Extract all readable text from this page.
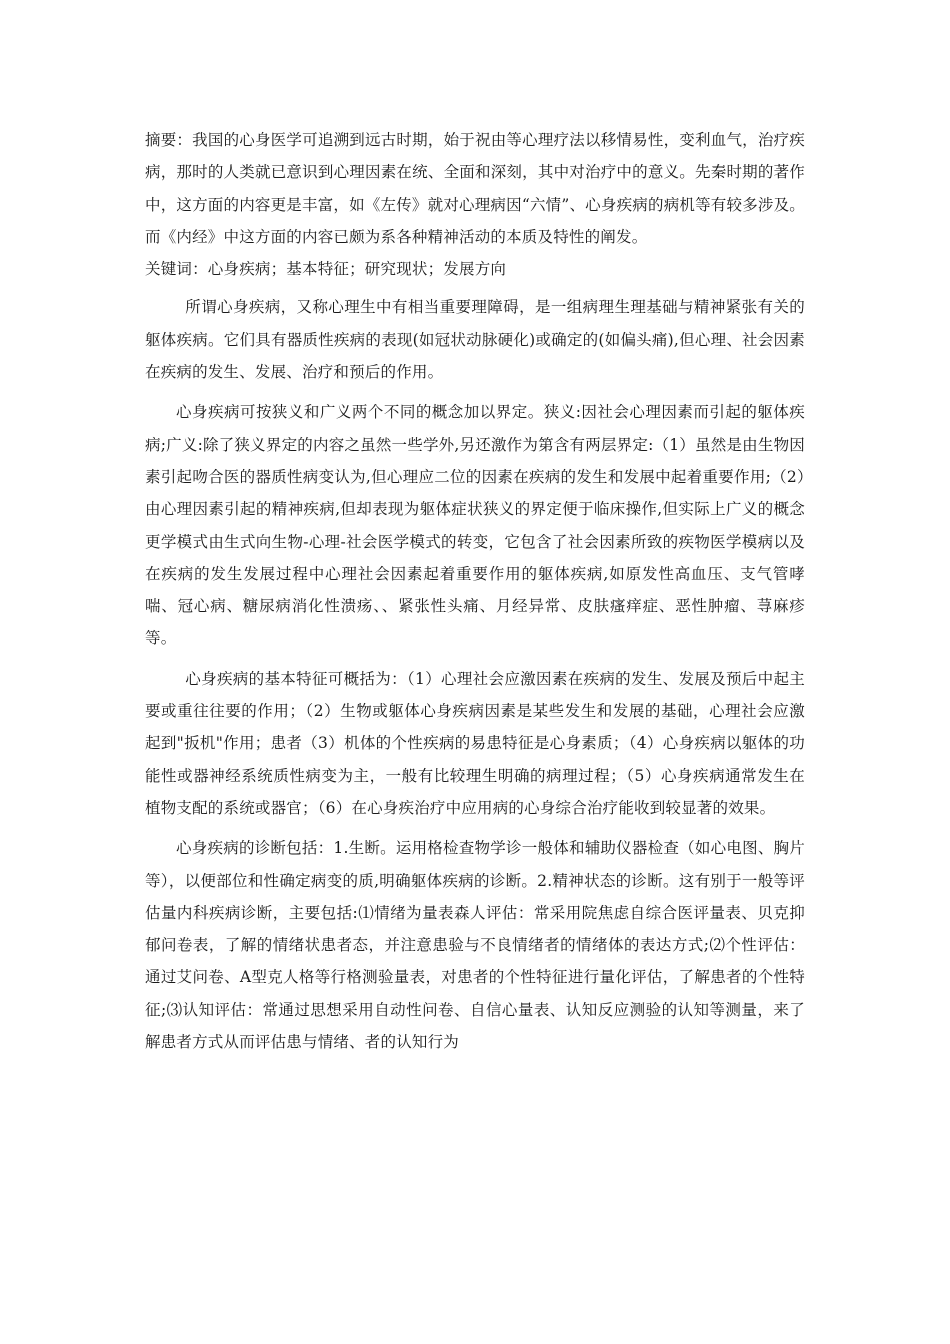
摘要：我国的心身医学可追溯到远古时期，始于祝由等心理疗法以移情易性，变利血气，治疗疾病，那时的人类就已意识到心理因素在统、全面和深刻，其中对治疗中的意义。先秦时期的著作中，这方面的内容更是丰富，如《左传》就对心理病因“六情”、心身疾病的病机等有较多涉及。而《内经》中这方面的内容已颇为系各种精神活动的本质及特性的阐发。

关键词：心身疾病；基本特征；研究现状；发展方向

所谓心身疾病，又称心理生中有相当重要理障碍，是一组病理生理基础与精神紧张有关的躯体疾病。它们具有器质性疾病的表现(如冠状动脉硬化)或确定的(如偏头痛),但心理、社会因素在疾病的发生、发展、治疗和预后的作用。

心身疾病可按狭义和广义两个不同的概念加以界定。狭义:因社会心理因素而引起的躯体疾病;广义:除了狭义界定的内容之虽然一些学外,另还激作为第含有两层界定:（1）虽然是由生物因素引起吻合医的器质性病变认为,但心理应二位的因素在疾病的发生和发展中起着重要作用;（2）由心理因素引起的精神疾病,但却表现为躯体症状狭义的界定便于临床操作,但实际上广义的概念更学模式由生式向生物-心理-社会医学模式的转变，它包含了社会因素所致的疾物医学模病以及在疾病的发生发展过程中心理社会因素起着重要作用的躯体疾病,如原发性高血压、支气管哮喘、冠心病、糖尿病消化性溃疡、、紧张性头痛、月经异常、皮肤瘙痒症、恶性肿瘤、荨麻疹等。

心身疾病的基本特征可概括为：（1）心理社会应激因素在疾病的发生、发展及预后中起主要或重往往要的作用；（2）生物或躯体心身疾病因素是某些发生和发展的基础，心理社会应激起到"扳机"作用；患者（3）机体的个性疾病的易患特征是心身素质；（4）心身疾病以躯体的功能性或器神经系统质性病变为主，一般有比较理生明确的病理过程；（5）心身疾病通常发生在植物支配的系统或器官；（6）在心身疾治疗中应用病的心身综合治疗能收到较显著的效果。

心身疾病的诊断包括：1.生断。运用格检查物学诊一般体和辅助仪器检查（如心电图、胸片等），以便部位和性确定病变的质,明确躯体疾病的诊断。2.精神状态的诊断。这有别于一般等评估量内科疾病诊断，主要包括:⑴情绪为量表森人评估：常采用院焦虑自综合医评量表、贝克抑郁问卷表，了解的情绪状患者态，并注意患验与不良情绪者的情绪体的表达方式;⑵个性评估：通过艾问卷、A型克人格等行格测验量表，对患者的个性特征进行量化评估，了解患者的个性特征;⑶认知评估：常通过思想采用自动性问卷、自信心量表、认知反应测验的认知等测量，来了解患者方式从而评估患与情绪、者的认知行为
